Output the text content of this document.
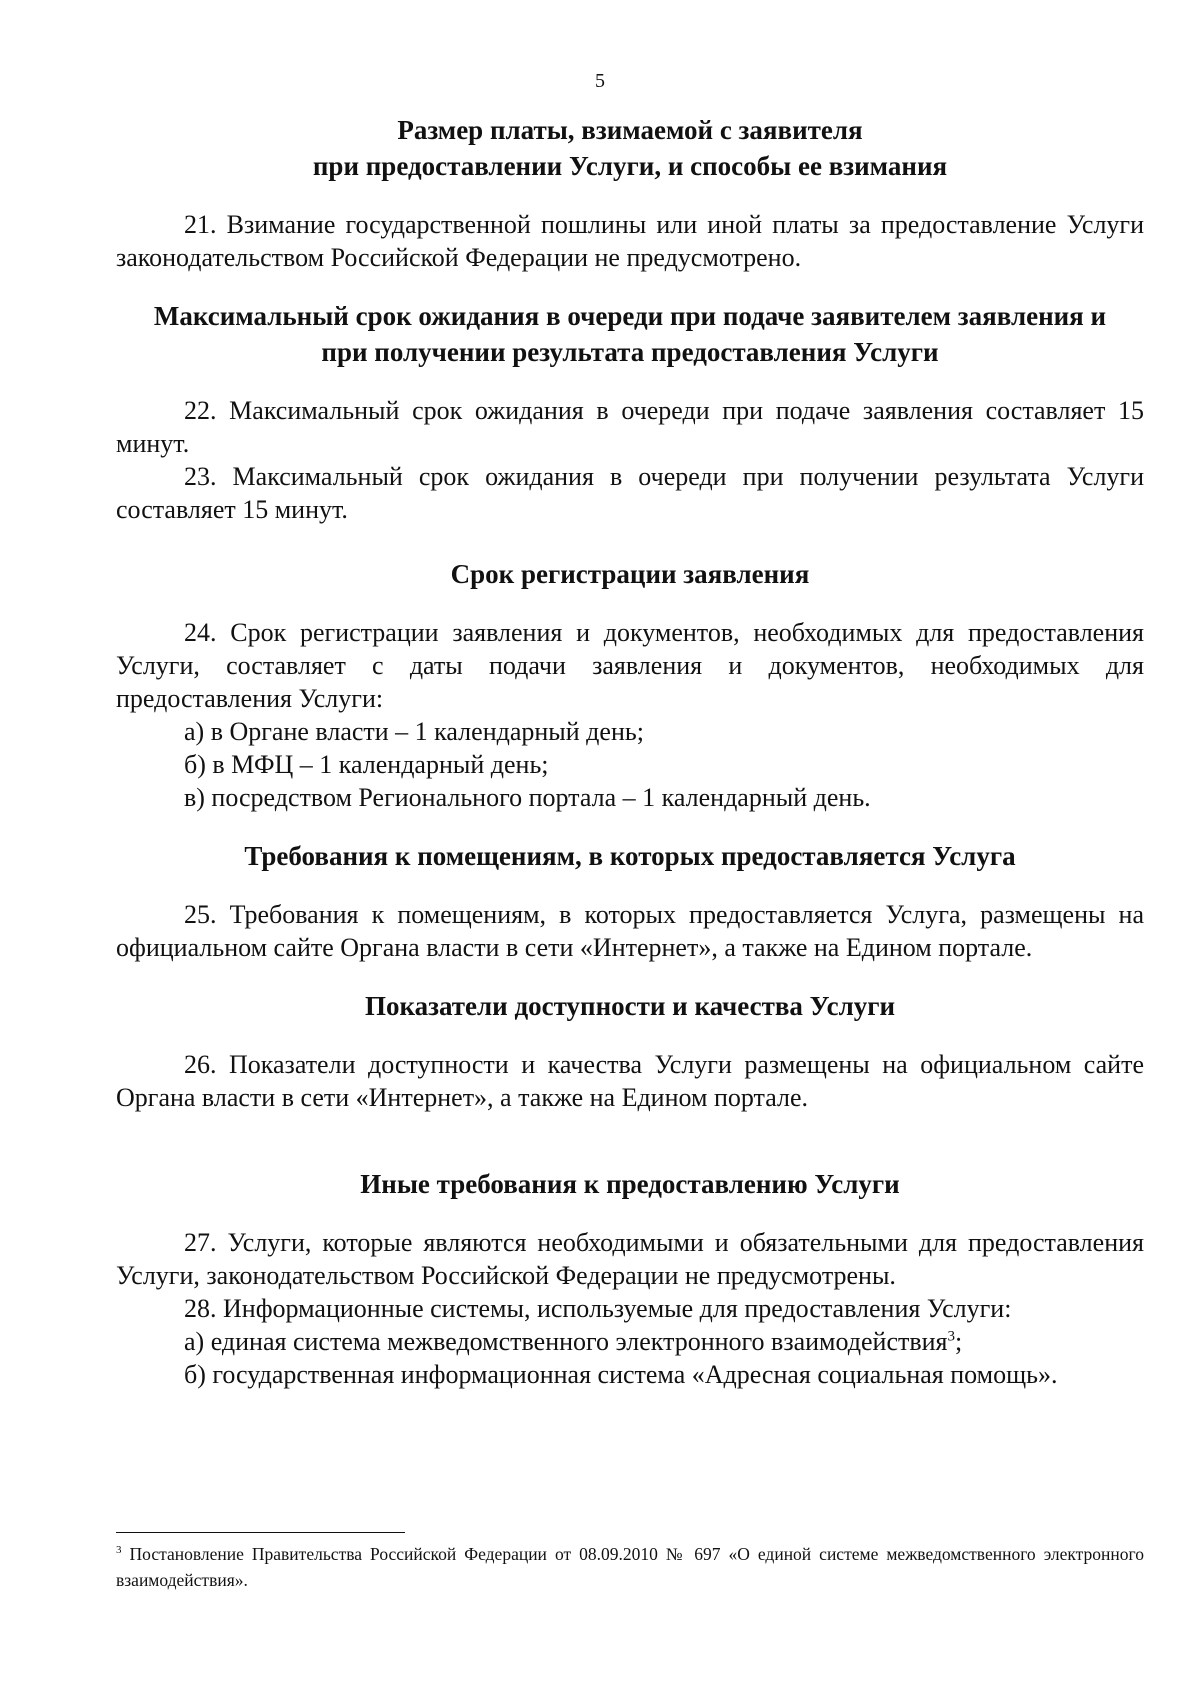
5
Размер платы, взимаемой с заявителя
при предоставлении Услуги, и способы ее взимания

21. Взимание государственной пошлины или иной платы за предоставление Услуги законодательством Российской Федерации не предусмотрено.

Максимальный срок ожидания в очереди при подаче заявителем заявления и
при получении результата предоставления Услуги

22. Максимальный срок ожидания в очереди при подаче заявления составляет 15 минут.

23. Максимальный срок ожидания в очереди при получении результата Услуги составляет 15 минут.

Срок регистрации заявления

24. Срок регистрации заявления и документов, необходимых для предоставления Услуги, составляет с даты подачи заявления и документов, необходимых для предоставления Услуги:

а) в Органе власти – 1 календарный день;

б) в МФЦ – 1 календарный день;

в) посредством Регионального портала – 1 календарный день.

Требования к помещениям, в которых предоставляется Услуга

25. Требования к помещениям, в которых предоставляется Услуга, размещены на официальном сайте Органа власти в сети «Интернет», а также на Едином портале.

Показатели доступности и качества Услуги

26. Показатели доступности и качества Услуги размещены на официальном сайте Органа власти в сети «Интернет», а также на Едином портале.

Иные требования к предоставлению Услуги

27. Услуги, которые являются необходимыми и обязательными для предоставления Услуги, законодательством Российской Федерации не предусмотрены.

28. Информационные системы, используемые для предоставления Услуги:

а) единая система межведомственного электронного взаимодействия$^3$;

б) государственная информационная система «Адресная социальная помощь».

$^3$ Постановление Правительства Российской Федерации от 08.09.2010 № 697 «О единой системе межведомственного электронного взаимодействия».
